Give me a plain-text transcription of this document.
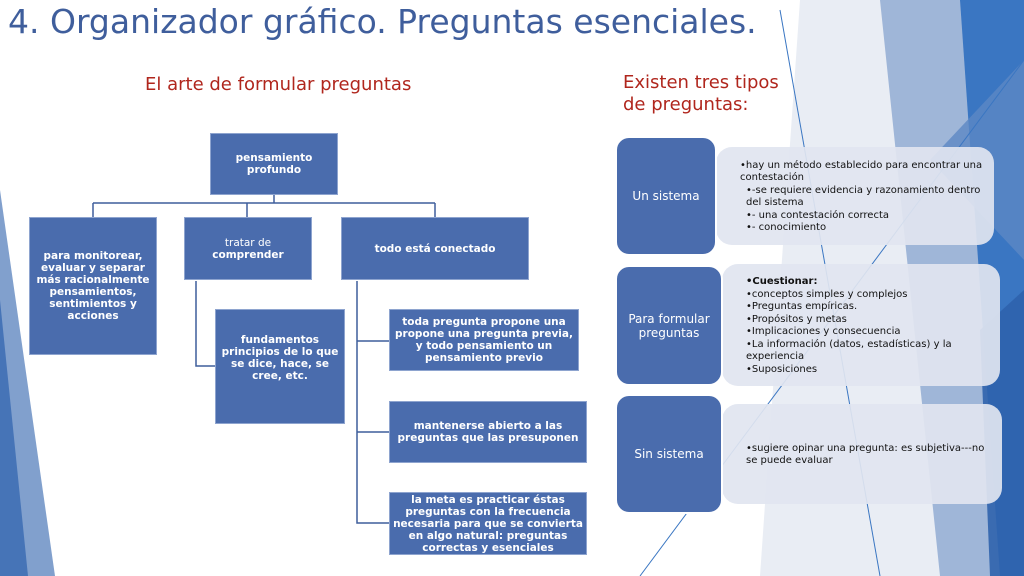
4. Organizador gráfico. Preguntas esenciales.
El arte de formular preguntas	Existen tres tipos
de preguntas:
pensamiento profundo
para monitorear, evaluar y separar más racionalmente pensamientos, sentimientos y acciones
tratar de comprender	todo está conectado
fundamentos principios de lo que se dice, hace, se cree, etc.
toda pregunta propone una propone una pregunta previa, y todo pensamiento un pensamiento previo
mantenerse abierto a las preguntas que las presuponen
la meta es practicar éstas preguntas con la frecuencia necesaria para que se convierta en algo natural: preguntas correctas y esenciales
•hay un método establecido para encontrar una contestación
•-se requiere evidencia y razonamiento dentro del sistema
•- una contestación correcta
•- conocimiento
Un sistema
•Cuestionar:
•conceptos simples y complejos
•Preguntas empíricas.
•Propósitos y metas
•Implicaciones y consecuencia
•La información (datos, estadísticas) y la experiencia
•Suposiciones
Para formular preguntas
•sugiere opinar una pregunta: es subjetiva---no se puede evaluar
Sin sistema
